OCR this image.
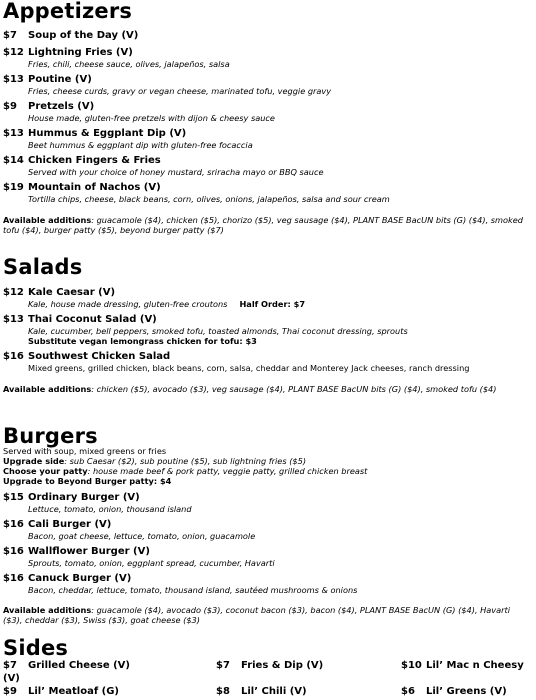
Appetizers
$7 Soup of the Day (V)
$12 Lightning Fries (V)
Fries, chili, cheese sauce, olives, jalapeños, salsa
$13 Poutine (V)
Fries, cheese curds, gravy or vegan cheese, marinated tofu, veggie gravy
$9 Pretzels (V)
House made, gluten-free pretzels with dijon & cheesy sauce
$13 Hummus & Eggplant Dip (V)
Beet hummus & eggplant dip with gluten-free focaccia
$14 Chicken Fingers & Fries
Served with your choice of honey mustard, sriracha mayo or BBQ sauce
$19 Mountain of Nachos (V)
Tortilla chips, cheese, black beans, corn, olives, onions, jalapeños, salsa and sour cream
Available additions: guacamole ($4), chicken ($5), chorizo ($5), veg sausage ($4), PLANT BASE BacUN bits (G) ($4), smoked tofu ($4), burger patty ($5), beyond burger patty ($7)
Salads
$12 Kale Caesar (V)
Kale, house made dressing, gluten-free croutons Half Order: $7
$13 Thai Coconut Salad (V)
Kale, cucumber, bell peppers, smoked tofu, toasted almonds, Thai coconut dressing, sprouts
Substitute vegan lemongrass chicken for tofu: $3
$16 Southwest Chicken Salad
Mixed greens, grilled chicken, black beans, corn, salsa, cheddar and Monterey Jack cheeses, ranch dressing
Available additions: chicken ($5), avocado ($3), veg sausage ($4), PLANT BASE BacUN bits (G) ($4), smoked tofu ($4)
Burgers
Served with soup, mixed greens or fries
Upgrade side: sub Caesar ($2), sub poutine ($5), sub lightning fries ($5)
Choose your patty: house made beef & pork patty, veggie patty, grilled chicken breast
Upgrade to Beyond Burger patty: $4
$15 Ordinary Burger (V)
Lettuce, tomato, onion, thousand island
$16 Cali Burger (V)
Bacon, goat cheese, lettuce, tomato, onion, guacamole
$16 Wallflower Burger (V)
Sprouts, tomato, onion, eggplant spread, cucumber, Havarti
$16 Canuck Burger (V)
Bacon, cheddar, lettuce, tomato, thousand island, sautéed mushrooms & onions
Available additions: guacamole ($4), avocado ($3), coconut bacon ($3), bacon ($4), PLANT BASE BacUN (G) ($4), Havarti ($3), cheddar ($3), Swiss ($3), goat cheese ($3)
Sides
$7 Grilled Cheese (V)	$7 Fries & Dip (V)	$10 Lil’ Mac n Cheesy
(V)
$9 Lil’ Meatloaf (G)	$8 Lil’ Chili (V)	$6 Lil’ Greens (V)
